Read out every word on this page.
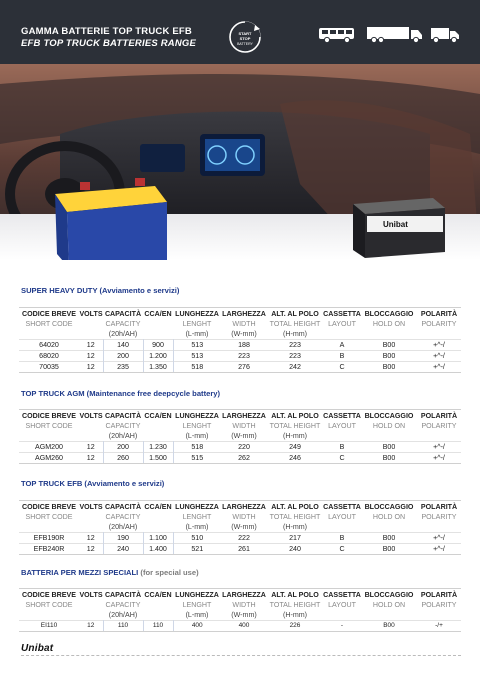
GAMMA BATTERIE TOP TRUCK EFB
EFB TOP TRUCK BATTERIES RANGE
START
STOP
BATTERY
Unibat
SUPER HEAVY DUTY (Avviamento e servizi)
CODICE BREVE	VOLTS	CAPACITÀ	CCA/EN	LUNGHEZZA	LARGHEZZA	ALT. AL POLO	CASSETTA	BLOCCAGGIO	POLARITÀ
SHORT CODE		CAPACITY		LENGHT	WIDTH	TOTAL HEIGHT	LAYOUT	HOLD ON	POLARITY
		(20h/AH)		(L-mm)	(W-mm)	(H-mm)			
64020	12	140	900	513	188	223	A	B00	+^-/
68020	12	200	1.200	513	223	223	B	B00	+^-/
70035	12	235	1.350	518	276	242	C	B00	+^-/
TOP TRUCK AGM (Maintenance free deepcycle battery)
CODICE BREVE	VOLTS	CAPACITÀ	CCA/EN	LUNGHEZZA	LARGHEZZA	ALT. AL POLO	CASSETTA	BLOCCAGGIO	POLARITÀ
SHORT CODE		CAPACITY		LENGHT	WIDTH	TOTAL HEIGHT	LAYOUT	HOLD ON	POLARITY
		(20h/AH)		(L-mm)	(W-mm)	(H-mm)			
AGM200	12	200	1.230	518	220	249	B	B00	+^-/
AGM260	12	260	1.500	515	262	246	C	B00	+^-/
TOP TRUCK EFB (Avviamento e servizi)
CODICE BREVE	VOLTS	CAPACITÀ	CCA/EN	LUNGHEZZA	LARGHEZZA	ALT. AL POLO	CASSETTA	BLOCCAGGIO	POLARITÀ
SHORT CODE		CAPACITY		LENGHT	WIDTH	TOTAL HEIGHT	LAYOUT	HOLD ON	POLARITY
		(20h/AH)		(L-mm)	(W-mm)	(H-mm)			
EFB190R	12	190	1.100	510	222	217	B	B00	+^-/
EFB240R	12	240	1.400	521	261	240	C	B00	+^-/
BATTERIA PER MEZZI SPECIALI (for special use)
CODICE BREVE	VOLTS	CAPACITÀ	CCA/EN	LUNGHEZZA	LARGHEZZA	ALT. AL POLO	CASSETTA	BLOCCAGGIO	POLARITÀ
SHORT CODE		CAPACITY		LENGHT	WIDTH	TOTAL HEIGHT	LAYOUT	HOLD ON	POLARITY
		(20h/AH)		(L-mm)	(W-mm)	(H-mm)			
EI110	12	110	110	400	400	226	-	B00	-/+
Unibat
